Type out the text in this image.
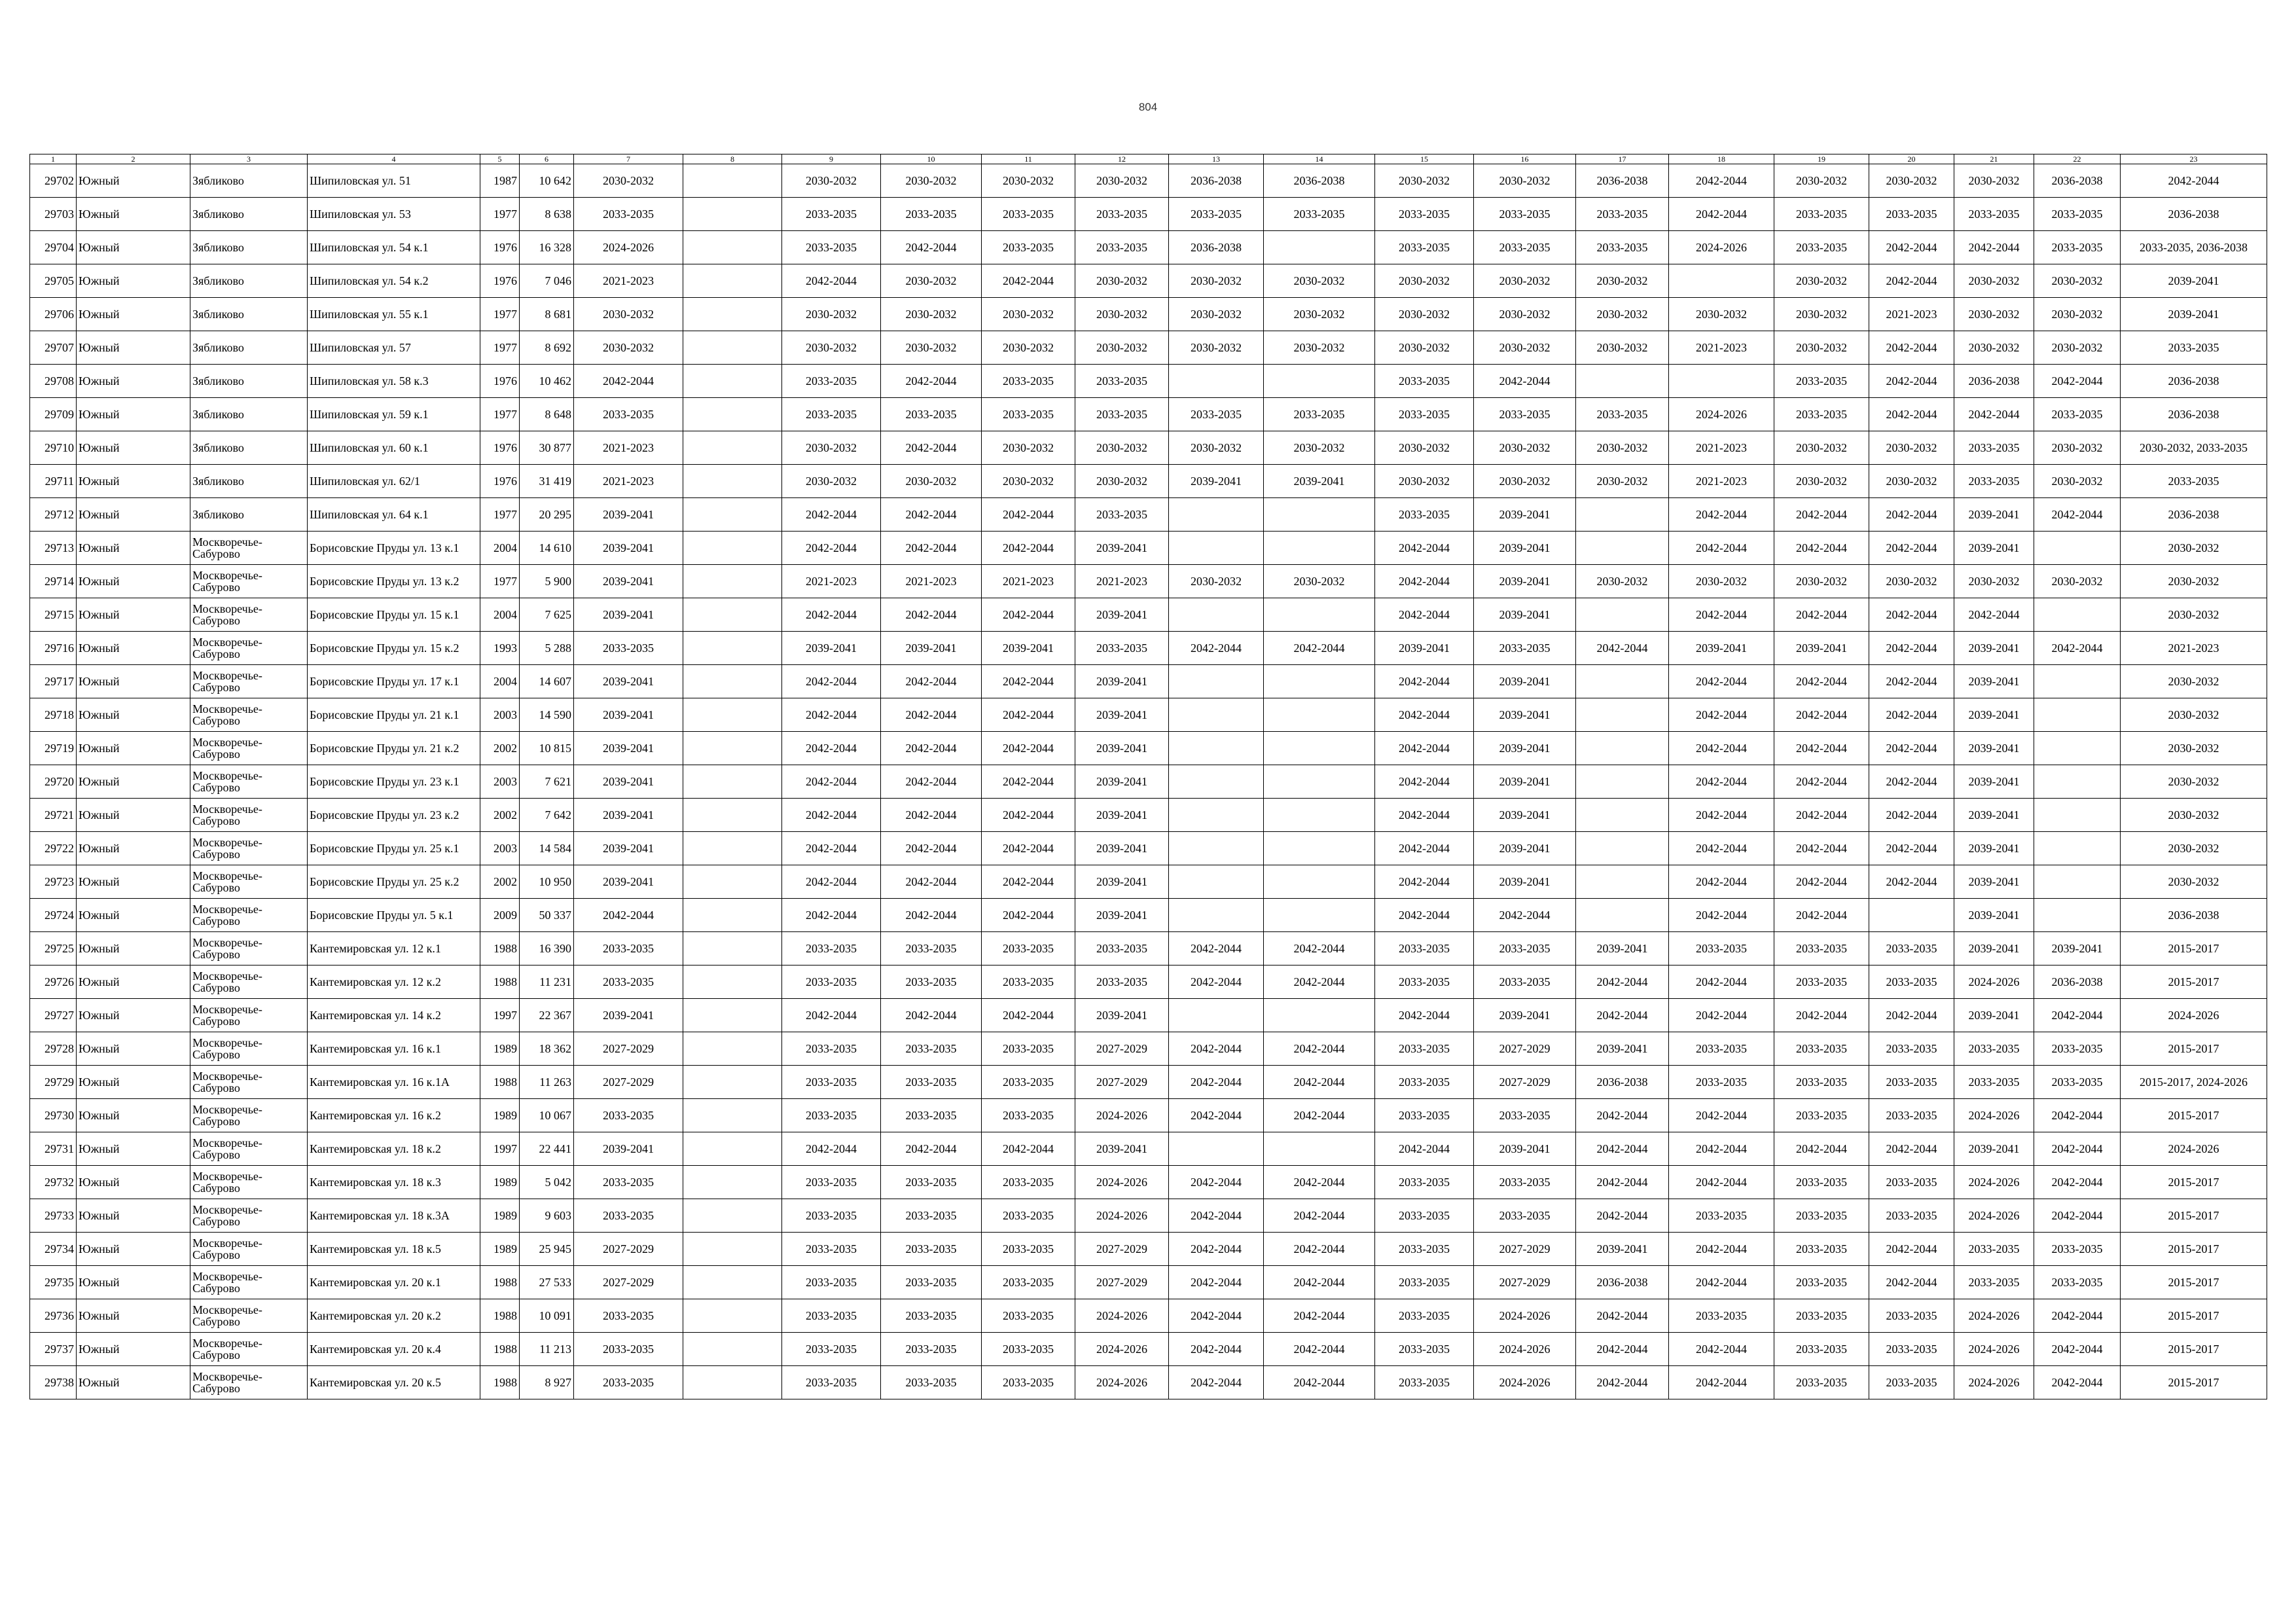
804
1	2	3	4	5	6	7	8	9	10	11	12	13	14	15	16	17	18	19	20	21	22	23
29702	Южный	Зябликово	Шипиловская ул. 51	1987	10 642	2030-2032		2030-2032	2030-2032	2030-2032	2030-2032	2036-2038	2036-2038	2030-2032	2030-2032	2036-2038	2042-2044	2030-2032	2030-2032	2030-2032	2036-2038	2042-2044
29703	Южный	Зябликово	Шипиловская ул. 53	1977	8 638	2033-2035		2033-2035	2033-2035	2033-2035	2033-2035	2033-2035	2033-2035	2033-2035	2033-2035	2033-2035	2042-2044	2033-2035	2033-2035	2033-2035	2033-2035	2036-2038
29704	Южный	Зябликово	Шипиловская ул. 54 к.1	1976	16 328	2024-2026		2033-2035	2042-2044	2033-2035	2033-2035	2036-2038		2033-2035	2033-2035	2033-2035	2024-2026	2033-2035	2042-2044	2042-2044	2033-2035	2033-2035, 2036-2038
29705	Южный	Зябликово	Шипиловская ул. 54 к.2	1976	7 046	2021-2023		2042-2044	2030-2032	2042-2044	2030-2032	2030-2032	2030-2032	2030-2032	2030-2032	2030-2032		2030-2032	2042-2044	2030-2032	2030-2032	2039-2041
29706	Южный	Зябликово	Шипиловская ул. 55 к.1	1977	8 681	2030-2032		2030-2032	2030-2032	2030-2032	2030-2032	2030-2032	2030-2032	2030-2032	2030-2032	2030-2032	2030-2032	2030-2032	2021-2023	2030-2032	2030-2032	2039-2041
29707	Южный	Зябликово	Шипиловская ул. 57	1977	8 692	2030-2032		2030-2032	2030-2032	2030-2032	2030-2032	2030-2032	2030-2032	2030-2032	2030-2032	2030-2032	2021-2023	2030-2032	2042-2044	2030-2032	2030-2032	2033-2035
29708	Южный	Зябликово	Шипиловская ул. 58 к.3	1976	10 462	2042-2044		2033-2035	2042-2044	2033-2035	2033-2035			2033-2035	2042-2044			2033-2035	2042-2044	2036-2038	2042-2044	2036-2038
29709	Южный	Зябликово	Шипиловская ул. 59 к.1	1977	8 648	2033-2035		2033-2035	2033-2035	2033-2035	2033-2035	2033-2035	2033-2035	2033-2035	2033-2035	2033-2035	2024-2026	2033-2035	2042-2044	2042-2044	2033-2035	2036-2038
29710	Южный	Зябликово	Шипиловская ул. 60 к.1	1976	30 877	2021-2023		2030-2032	2042-2044	2030-2032	2030-2032	2030-2032	2030-2032	2030-2032	2030-2032	2030-2032	2021-2023	2030-2032	2030-2032	2033-2035	2030-2032	2030-2032, 2033-2035
29711	Южный	Зябликово	Шипиловская ул. 62/1	1976	31 419	2021-2023		2030-2032	2030-2032	2030-2032	2030-2032	2039-2041	2039-2041	2030-2032	2030-2032	2030-2032	2021-2023	2030-2032	2030-2032	2033-2035	2030-2032	2033-2035
29712	Южный	Зябликово	Шипиловская ул. 64 к.1	1977	20 295	2039-2041		2042-2044	2042-2044	2042-2044	2033-2035			2033-2035	2039-2041		2042-2044	2042-2044	2042-2044	2039-2041	2042-2044	2036-2038
29713	Южный	Москворечье-Сабурово	Борисовские Пруды ул. 13 к.1	2004	14 610	2039-2041		2042-2044	2042-2044	2042-2044	2039-2041			2042-2044	2039-2041		2042-2044	2042-2044	2042-2044	2039-2041		2030-2032
29714	Южный	Москворечье-Сабурово	Борисовские Пруды ул. 13 к.2	1977	5 900	2039-2041		2021-2023	2021-2023	2021-2023	2021-2023	2030-2032	2030-2032	2042-2044	2039-2041	2030-2032	2030-2032	2030-2032	2030-2032	2030-2032	2030-2032	2030-2032
29715	Южный	Москворечье-Сабурово	Борисовские Пруды ул. 15 к.1	2004	7 625	2039-2041		2042-2044	2042-2044	2042-2044	2039-2041			2042-2044	2039-2041		2042-2044	2042-2044	2042-2044	2042-2044		2030-2032
29716	Южный	Москворечье-Сабурово	Борисовские Пруды ул. 15 к.2	1993	5 288	2033-2035		2039-2041	2039-2041	2039-2041	2033-2035	2042-2044	2042-2044	2039-2041	2033-2035	2042-2044	2039-2041	2039-2041	2042-2044	2039-2041	2042-2044	2021-2023
29717	Южный	Москворечье-Сабурово	Борисовские Пруды ул. 17 к.1	2004	14 607	2039-2041		2042-2044	2042-2044	2042-2044	2039-2041			2042-2044	2039-2041		2042-2044	2042-2044	2042-2044	2039-2041		2030-2032
29718	Южный	Москворечье-Сабурово	Борисовские Пруды ул. 21 к.1	2003	14 590	2039-2041		2042-2044	2042-2044	2042-2044	2039-2041			2042-2044	2039-2041		2042-2044	2042-2044	2042-2044	2039-2041		2030-2032
29719	Южный	Москворечье-Сабурово	Борисовские Пруды ул. 21 к.2	2002	10 815	2039-2041		2042-2044	2042-2044	2042-2044	2039-2041			2042-2044	2039-2041		2042-2044	2042-2044	2042-2044	2039-2041		2030-2032
29720	Южный	Москворечье-Сабурово	Борисовские Пруды ул. 23 к.1	2003	7 621	2039-2041		2042-2044	2042-2044	2042-2044	2039-2041			2042-2044	2039-2041		2042-2044	2042-2044	2042-2044	2039-2041		2030-2032
29721	Южный	Москворечье-Сабурово	Борисовские Пруды ул. 23 к.2	2002	7 642	2039-2041		2042-2044	2042-2044	2042-2044	2039-2041			2042-2044	2039-2041		2042-2044	2042-2044	2042-2044	2039-2041		2030-2032
29722	Южный	Москворечье-Сабурово	Борисовские Пруды ул. 25 к.1	2003	14 584	2039-2041		2042-2044	2042-2044	2042-2044	2039-2041			2042-2044	2039-2041		2042-2044	2042-2044	2042-2044	2039-2041		2030-2032
29723	Южный	Москворечье-Сабурово	Борисовские Пруды ул. 25 к.2	2002	10 950	2039-2041		2042-2044	2042-2044	2042-2044	2039-2041			2042-2044	2039-2041		2042-2044	2042-2044	2042-2044	2039-2041		2030-2032
29724	Южный	Москворечье-Сабурово	Борисовские Пруды ул. 5 к.1	2009	50 337	2042-2044		2042-2044	2042-2044	2042-2044	2039-2041			2042-2044	2042-2044		2042-2044	2042-2044		2039-2041		2036-2038
29725	Южный	Москворечье-Сабурово	Кантемировская ул. 12 к.1	1988	16 390	2033-2035		2033-2035	2033-2035	2033-2035	2033-2035	2042-2044	2042-2044	2033-2035	2033-2035	2039-2041	2033-2035	2033-2035	2033-2035	2039-2041	2039-2041	2015-2017
29726	Южный	Москворечье-Сабурово	Кантемировская ул. 12 к.2	1988	11 231	2033-2035		2033-2035	2033-2035	2033-2035	2033-2035	2042-2044	2042-2044	2033-2035	2033-2035	2042-2044	2042-2044	2033-2035	2033-2035	2024-2026	2036-2038	2015-2017
29727	Южный	Москворечье-Сабурово	Кантемировская ул. 14 к.2	1997	22 367	2039-2041		2042-2044	2042-2044	2042-2044	2039-2041			2042-2044	2039-2041	2042-2044	2042-2044	2042-2044	2042-2044	2039-2041	2042-2044	2024-2026
29728	Южный	Москворечье-Сабурово	Кантемировская ул. 16 к.1	1989	18 362	2027-2029		2033-2035	2033-2035	2033-2035	2027-2029	2042-2044	2042-2044	2033-2035	2027-2029	2039-2041	2033-2035	2033-2035	2033-2035	2033-2035	2033-2035	2015-2017
29729	Южный	Москворечье-Сабурово	Кантемировская ул. 16 к.1А	1988	11 263	2027-2029		2033-2035	2033-2035	2033-2035	2027-2029	2042-2044	2042-2044	2033-2035	2027-2029	2036-2038	2033-2035	2033-2035	2033-2035	2033-2035	2033-2035	2015-2017, 2024-2026
29730	Южный	Москворечье-Сабурово	Кантемировская ул. 16 к.2	1989	10 067	2033-2035		2033-2035	2033-2035	2033-2035	2024-2026	2042-2044	2042-2044	2033-2035	2033-2035	2042-2044	2042-2044	2033-2035	2033-2035	2024-2026	2042-2044	2015-2017
29731	Южный	Москворечье-Сабурово	Кантемировская ул. 18 к.2	1997	22 441	2039-2041		2042-2044	2042-2044	2042-2044	2039-2041			2042-2044	2039-2041	2042-2044	2042-2044	2042-2044	2042-2044	2039-2041	2042-2044	2024-2026
29732	Южный	Москворечье-Сабурово	Кантемировская ул. 18 к.3	1989	5 042	2033-2035		2033-2035	2033-2035	2033-2035	2024-2026	2042-2044	2042-2044	2033-2035	2033-2035	2042-2044	2042-2044	2033-2035	2033-2035	2024-2026	2042-2044	2015-2017
29733	Южный	Москворечье-Сабурово	Кантемировская ул. 18 к.3А	1989	9 603	2033-2035		2033-2035	2033-2035	2033-2035	2024-2026	2042-2044	2042-2044	2033-2035	2033-2035	2042-2044	2033-2035	2033-2035	2033-2035	2024-2026	2042-2044	2015-2017
29734	Южный	Москворечье-Сабурово	Кантемировская ул. 18 к.5	1989	25 945	2027-2029		2033-2035	2033-2035	2033-2035	2027-2029	2042-2044	2042-2044	2033-2035	2027-2029	2039-2041	2042-2044	2033-2035	2042-2044	2033-2035	2033-2035	2015-2017
29735	Южный	Москворечье-Сабурово	Кантемировская ул. 20 к.1	1988	27 533	2027-2029		2033-2035	2033-2035	2033-2035	2027-2029	2042-2044	2042-2044	2033-2035	2027-2029	2036-2038	2042-2044	2033-2035	2042-2044	2033-2035	2033-2035	2015-2017
29736	Южный	Москворечье-Сабурово	Кантемировская ул. 20 к.2	1988	10 091	2033-2035		2033-2035	2033-2035	2033-2035	2024-2026	2042-2044	2042-2044	2033-2035	2024-2026	2042-2044	2033-2035	2033-2035	2033-2035	2024-2026	2042-2044	2015-2017
29737	Южный	Москворечье-Сабурово	Кантемировская ул. 20 к.4	1988	11 213	2033-2035		2033-2035	2033-2035	2033-2035	2024-2026	2042-2044	2042-2044	2033-2035	2024-2026	2042-2044	2042-2044	2033-2035	2033-2035	2024-2026	2042-2044	2015-2017
29738	Южный	Москворечье-Сабурово	Кантемировская ул. 20 к.5	1988	8 927	2033-2035		2033-2035	2033-2035	2033-2035	2024-2026	2042-2044	2042-2044	2033-2035	2024-2026	2042-2044	2042-2044	2033-2035	2033-2035	2024-2026	2042-2044	2015-2017
